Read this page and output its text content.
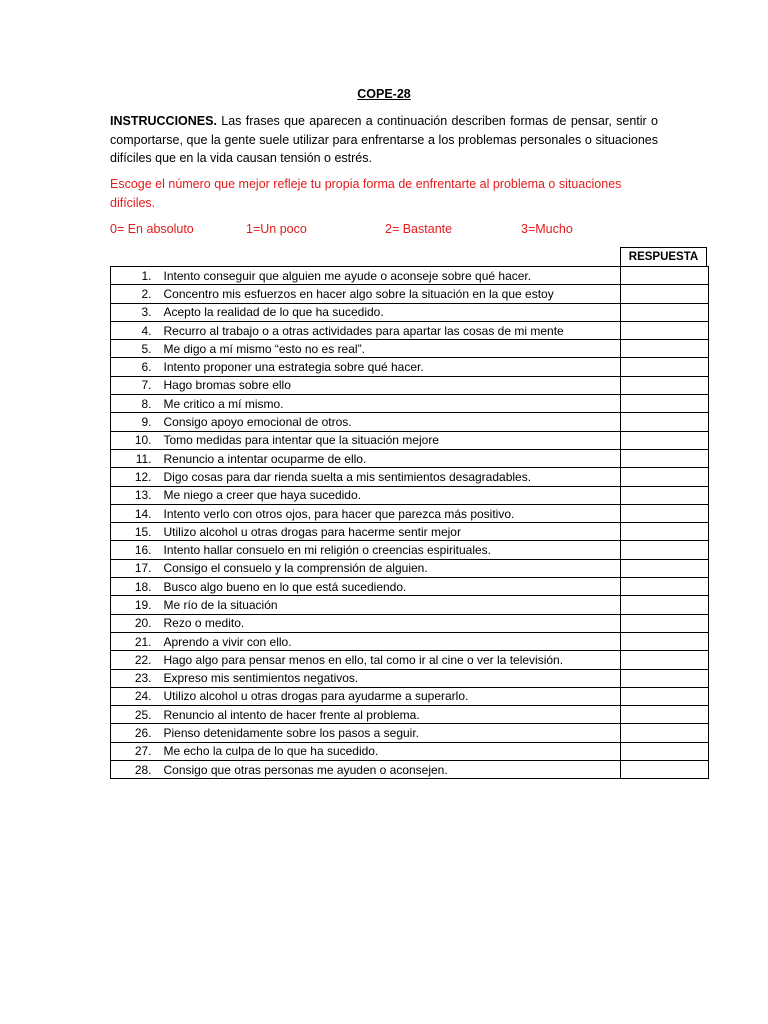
COPE-28
INSTRUCCIONES. Las frases que aparecen a continuación describen formas de pensar, sentir o comportarse, que la gente suele utilizar para enfrentarse a los problemas personales o situaciones difíciles que en la vida causan tensión o estrés.
Escoge el número que mejor refleje tu propia forma de enfrentarte al problema o situaciones difíciles.
0= En absoluto	1=Un poco	2= Bastante	3=Mucho
RESPUESTA
1.	Intento conseguir que alguien me ayude o aconseje sobre qué hacer.	
2.	Concentro mis esfuerzos en hacer algo sobre la situación en la que estoy	
3.	Acepto la realidad de lo que ha sucedido.	
4.	Recurro al trabajo o a otras actividades para apartar las cosas de mi mente	
5.	Me digo a mí mismo “esto no es real”.	
6.	Intento proponer una estrategia sobre qué hacer.	
7.	Hago bromas sobre ello	
8.	Me critico a mí mismo.	
9.	Consigo apoyo emocional de otros.	
10.	Tomo medidas para intentar que la situación mejore	
11.	Renuncio a intentar ocuparme de ello.	
12.	Digo cosas para dar rienda suelta a mis sentimientos desagradables.	
13.	Me niego a creer que haya sucedido.	
14.	Intento verlo con otros ojos, para hacer que parezca más positivo.	
15.	Utilizo alcohol u otras drogas para hacerme sentir mejor	
16.	Intento hallar consuelo en mi religión o creencias espirituales.	
17.	Consigo el consuelo y la comprensión de alguien.	
18.	Busco algo bueno en lo que está sucediendo.	
19.	Me río de la situación	
20.	Rezo o medito.	
21.	Aprendo a vivir con ello.	
22.	Hago algo para pensar menos en ello, tal como ir al cine o ver la televisión.	
23.	Expreso mis sentimientos negativos.	
24.	Utilizo alcohol u otras drogas para ayudarme a superarlo.	
25.	Renuncio al intento de hacer frente al problema.	
26.	Pienso detenidamente sobre los pasos a seguir.	
27.	Me echo la culpa de lo que ha sucedido.	
28.	Consigo que otras personas me ayuden o aconsejen.	
